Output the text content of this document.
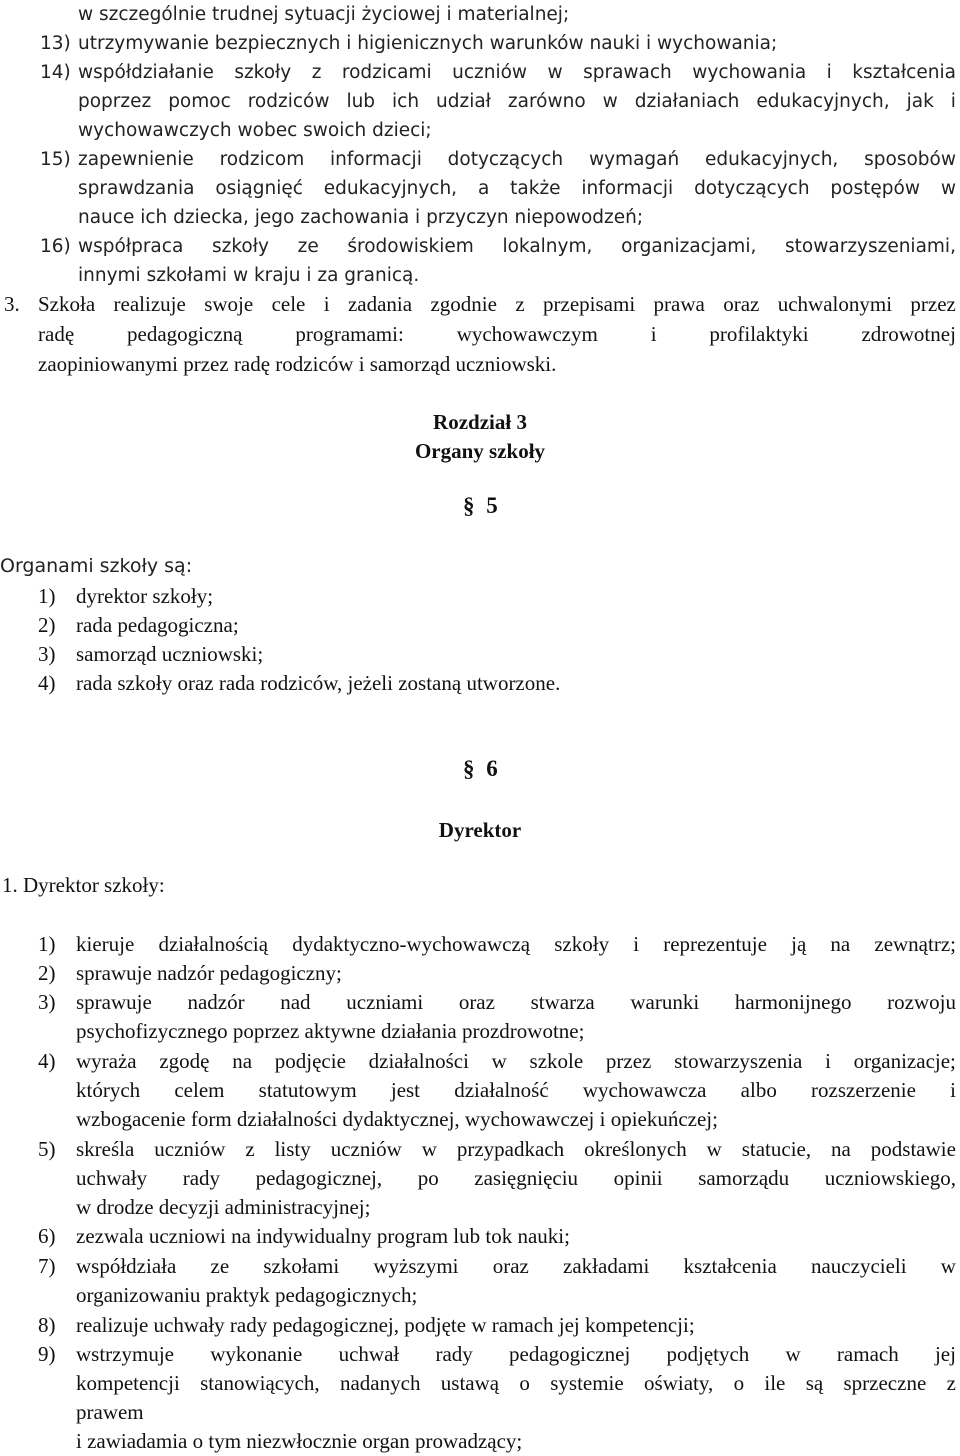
w szczególnie trudnej sytuacji życiowej i materialnej;
13) utrzymywanie bezpiecznych i higienicznych warunków nauki i wychowania;
14) współdziałanie szkoły z rodzicami uczniów w sprawach wychowania i kształcenia
poprzez pomoc rodziców lub ich udział zarówno w działaniach edukacyjnych, jak i
wychowawczych wobec swoich dzieci;
15) zapewnienie rodzicom informacji dotyczących wymagań edukacyjnych, sposobów
sprawdzania osiągnięć edukacyjnych, a także informacji dotyczących postępów w
nauce ich dziecka, jego zachowania i przyczyn niepowodzeń;
16) współpraca szkoły ze środowiskiem lokalnym, organizacjami, stowarzyszeniami,
innymi szkołami w kraju i za granicą.
3. Szkoła realizuje swoje cele i zadania zgodnie z przepisami prawa oraz uchwalonymi przez
radę	pedagogiczną	programami:	wychowawczym	i	profilaktyki	zdrowotnej
zaopiniowanymi przez radę rodziców i samorząd uczniowski.
Rozdział 3
Organy szkoły
§ 5
Organami szkoły są:
1) dyrektor szkoły;
2) rada pedagogiczna;
3) samorząd uczniowski;
4) rada szkoły oraz rada rodziców, jeżeli zostaną utworzone.
§ 6
Dyrektor
1. Dyrektor szkoły:
1) kieruje działalnością dydaktyczno-wychowawczą szkoły i reprezentuje ją na zewnątrz;
2) sprawuje nadzór pedagogiczny;
3) sprawuje nadzór nad uczniami oraz stwarza warunki harmonijnego rozwoju
psychofizycznego poprzez aktywne działania prozdrowotne;
4) wyraża zgodę na podjęcie działalności w szkole przez stowarzyszenia i organizacje;
których celem statutowym jest działalność wychowawcza albo rozszerzenie i
wzbogacenie form działalności dydaktycznej, wychowawczej i opiekuńczej;
5) skreśla uczniów z listy uczniów w przypadkach określonych w statucie, na podstawie
uchwały rady pedagogicznej, po zasięgnięciu opinii samorządu uczniowskiego,
w drodze decyzji administracyjnej;
6) zezwala uczniowi na indywidualny program lub tok nauki;
7) współdziała ze szkołami wyższymi oraz zakładami kształcenia nauczycieli w
organizowaniu praktyk pedagogicznych;
8) realizuje uchwały rady pedagogicznej, podjęte w ramach jej kompetencji;
9) wstrzymuje wykonanie uchwał rady pedagogicznej podjętych w ramach jej
kompetencji stanowiących, nadanych ustawą o systemie oświaty, o ile są sprzeczne z
prawem
i zawiadamia o tym niezwłocznie organ prowadzący;
